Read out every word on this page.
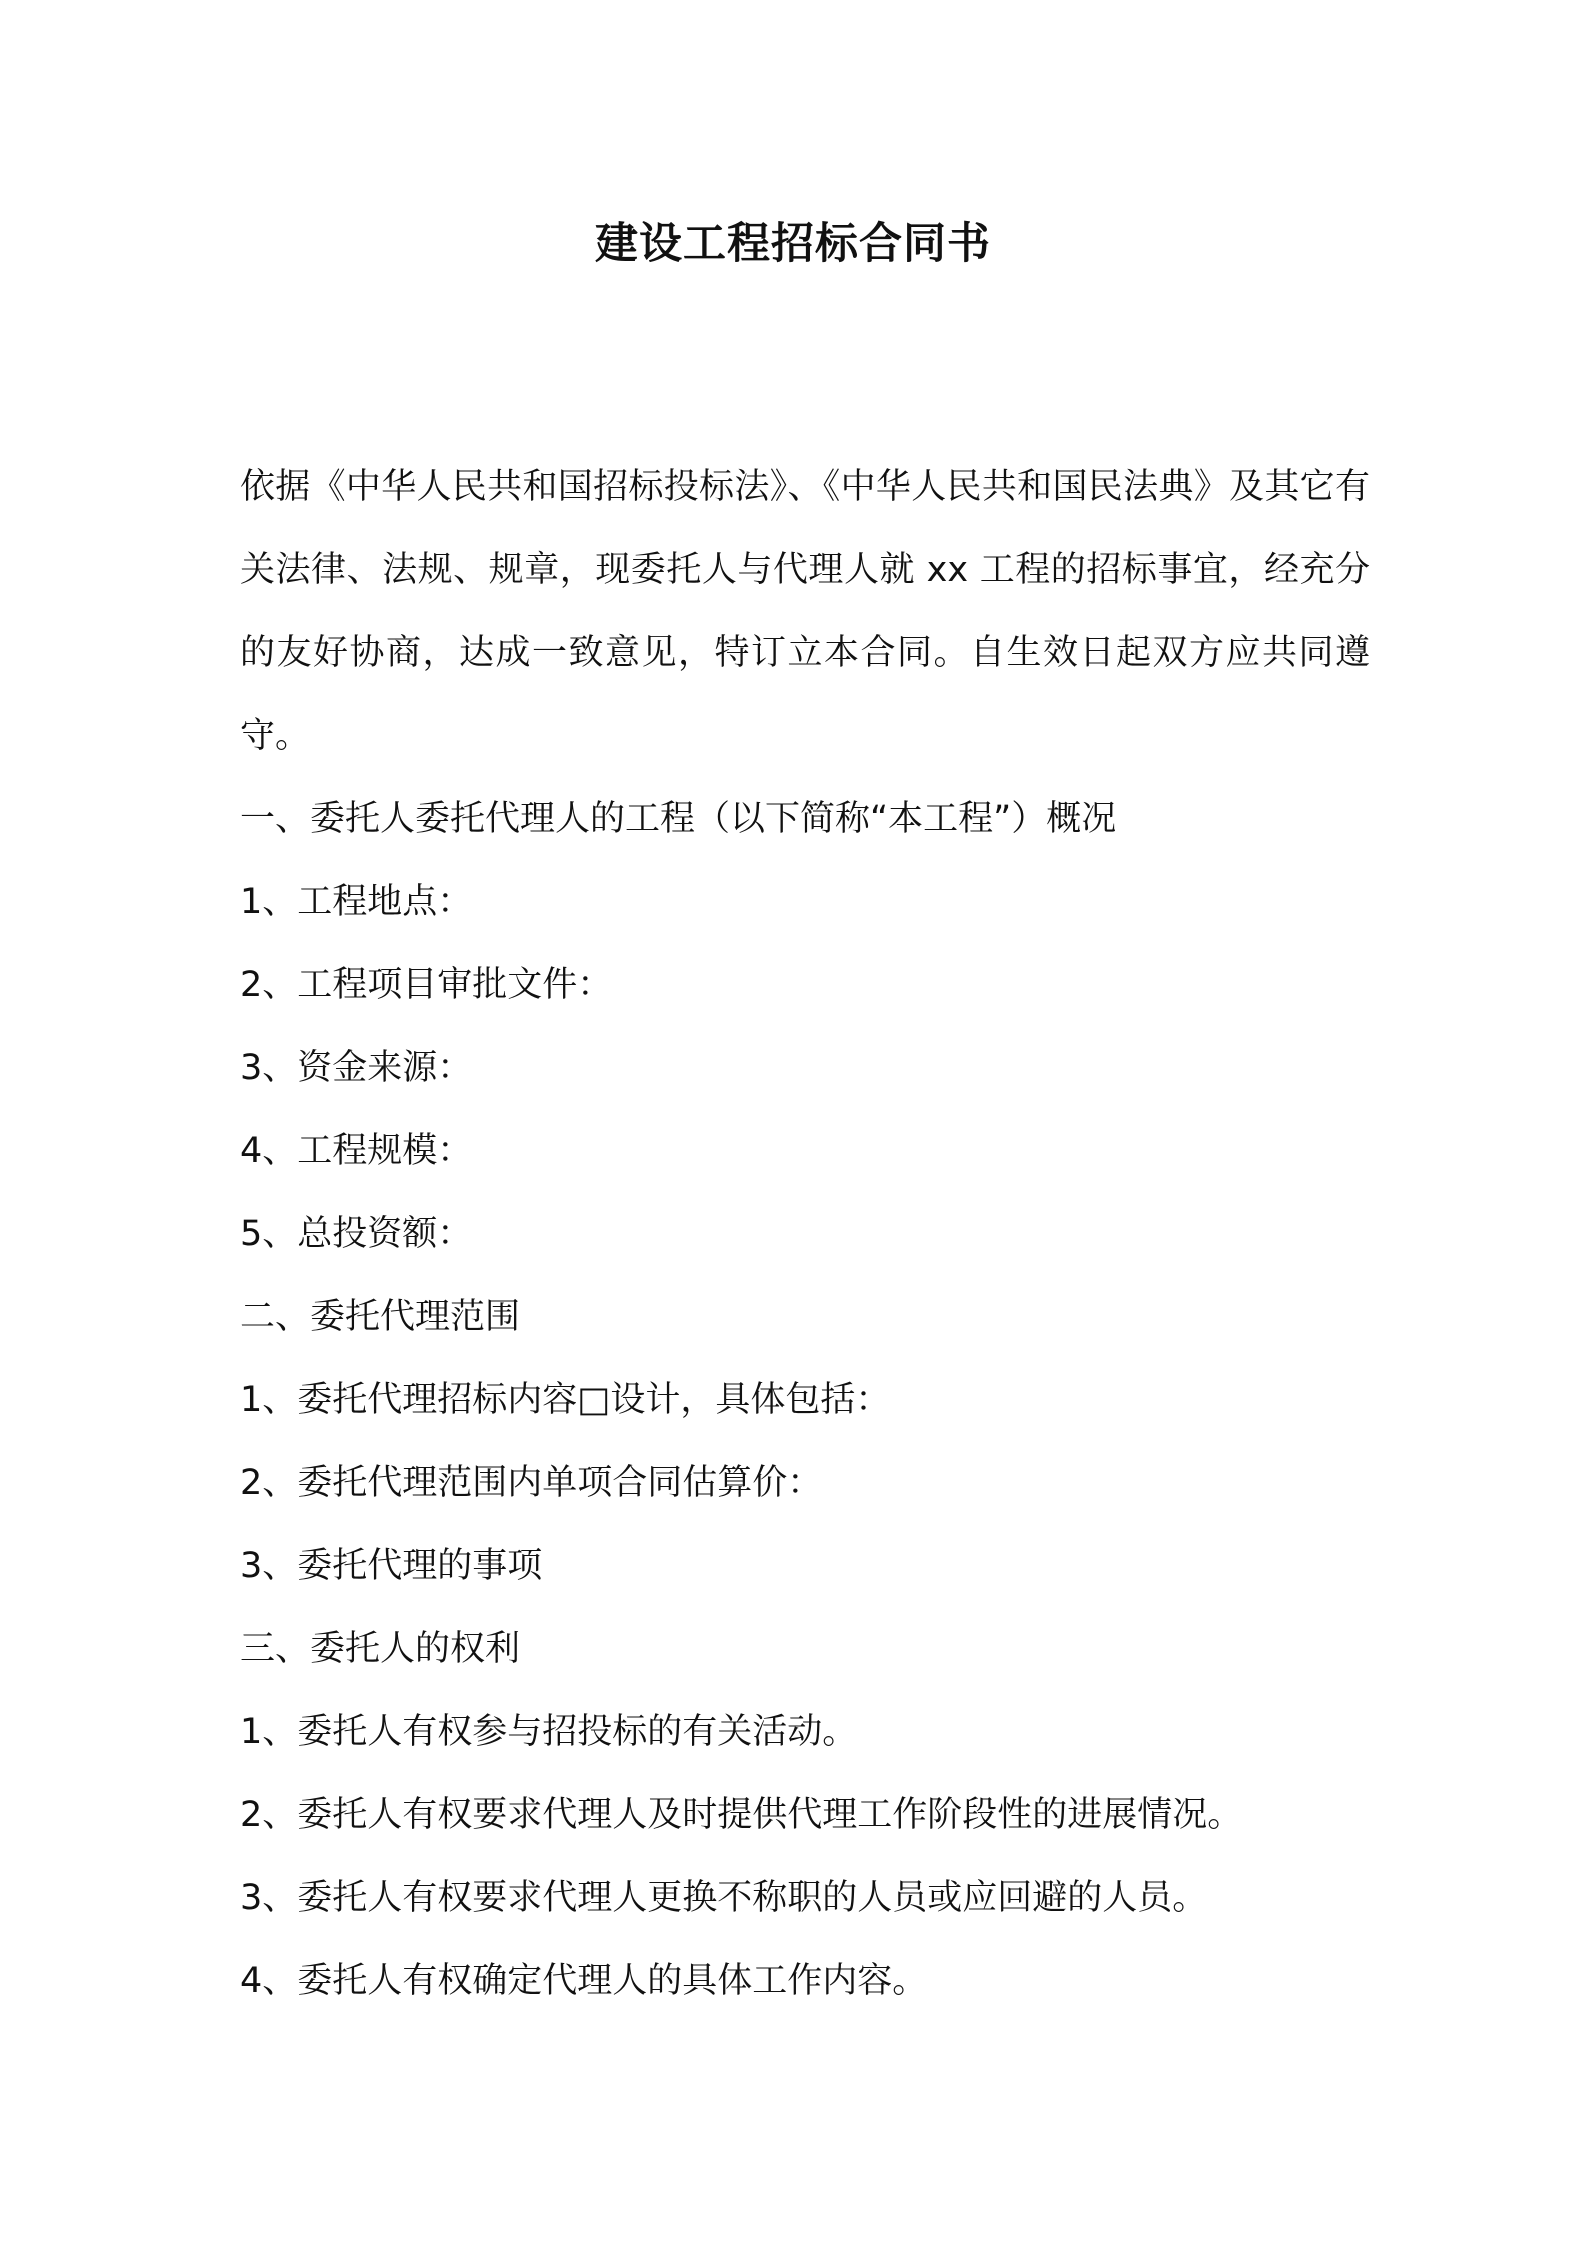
建设工程招标合同书

依据《中华人民共和国招标投标法》、《中华人民共和国民法典》及其它有关法律、法规、规章，现委托人与代理人就 xx 工程的招标事宜，经充分的友好协商，达成一致意见，特订立本合同。自生效日起双方应共同遵守。

一、委托人委托代理人的工程（以下简称“本工程”）概况

1、工程地点：

2、工程项目审批文件：

3、资金来源：

4、工程规模：

5、总投资额：

二、委托代理范围

1、委托代理招标内容□设计，具体包括：

2、委托代理范围内单项合同估算价：

3、委托代理的事项

三、委托人的权利

1、委托人有权参与招投标的有关活动。

2、委托人有权要求代理人及时提供代理工作阶段性的进展情况。

3、委托人有权要求代理人更换不称职的人员或应回避的人员。

4、委托人有权确定代理人的具体工作内容。
